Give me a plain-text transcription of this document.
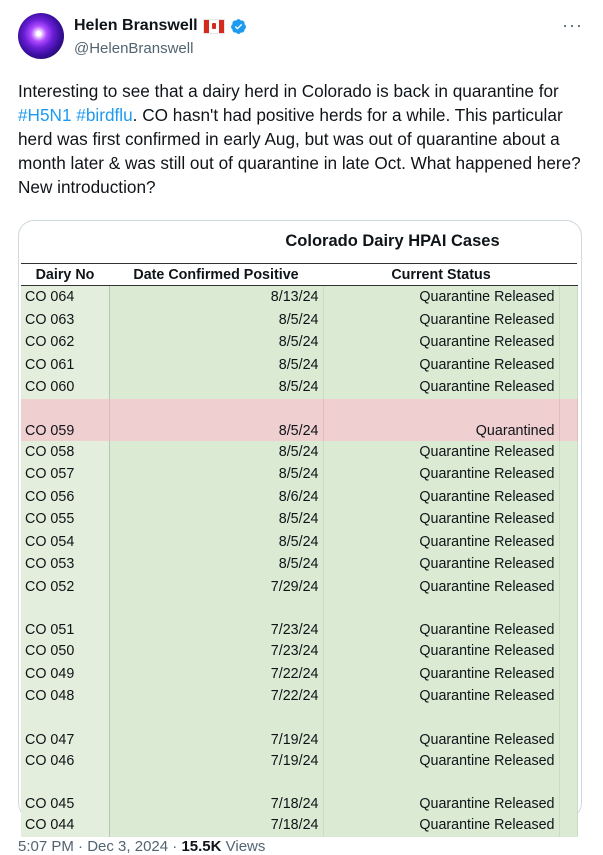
Helen Branswell
@HelenBranswell
···
Interesting to see that a dairy herd in Colorado is back in quarantine for #H5N1 #birdflu. CO hasn't had positive herds for a while. This particular herd was first confirmed in early Aug, but was out of quarantine about a month later & was still out of quarantine in late Oct. What happened here? New introduction?
Colorado Dairy HPAI Cases
Dairy No	Date Confirmed Positive	Current Status	
CO 064	8/13/24	Quarantine Released	
CO 063	8/5/24	Quarantine Released	
CO 062	8/5/24	Quarantine Released	
CO 061	8/5/24	Quarantine Released	
CO 060	8/5/24	Quarantine Released	
CO 059	8/5/24	Quarantined	
CO 058	8/5/24	Quarantine Released	
CO 057	8/5/24	Quarantine Released	
CO 056	8/6/24	Quarantine Released	
CO 055	8/5/24	Quarantine Released	
CO 054	8/5/24	Quarantine Released	
CO 053	8/5/24	Quarantine Released	
CO 052	7/29/24	Quarantine Released	
CO 051	7/23/24	Quarantine Released	
CO 050	7/23/24	Quarantine Released	
CO 049	7/22/24	Quarantine Released	
CO 048	7/22/24	Quarantine Released	
CO 047	7/19/24	Quarantine Released	
CO 046	7/19/24	Quarantine Released	
CO 045	7/18/24	Quarantine Released	
CO 044	7/18/24	Quarantine Released	
5:07 PM · Dec 3, 2024 · 15.5K Views
